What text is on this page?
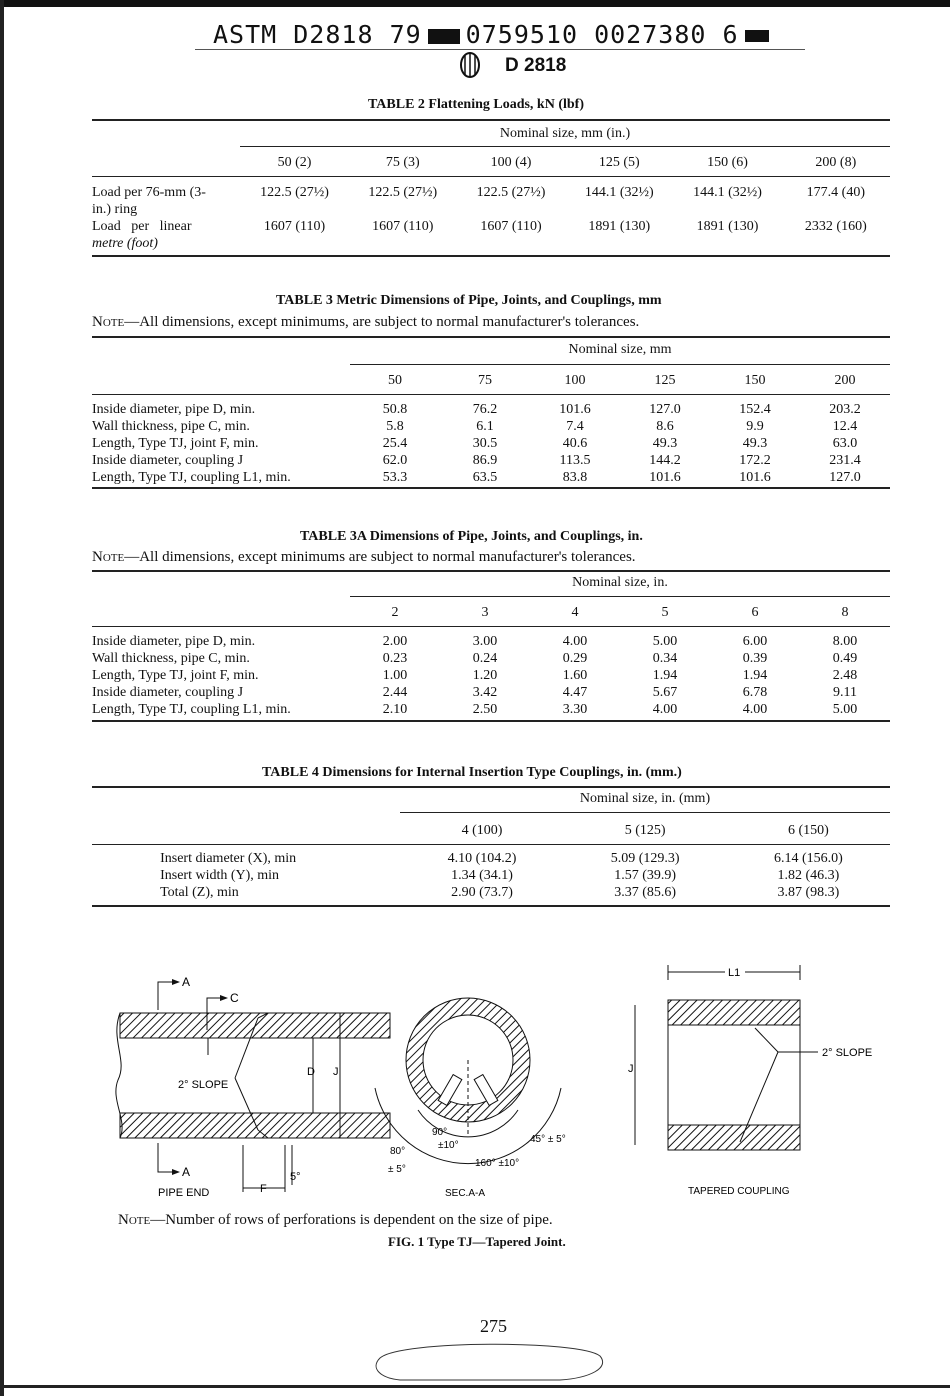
ASTM D2818 79 0759510 0027380 6
D 2818
TABLE 2 Flattening Loads, kN (lbf)
Nominal size, mm (in.)
	50 (2)	75 (3)	100 (4)	125 (5)	150 (6)	200 (8)

Load per 76-mm (3-
in.) ring	122.5 (27½)	122.5 (27½)	122.5 (27½)	144.1 (32½)	144.1 (32½)	177.4 (40)

Load   per   linear
metre (foot)	1607 (110)	1607 (110)	1607 (110)	1891 (130)	1891 (130)	2332 (160)
TABLE 3 Metric Dimensions of Pipe, Joints, and Couplings, mm
Note—All dimensions, except minimums, are subject to normal manufacturer's tolerances.
Nominal size, mm
	50	75	100	125	150	200

Inside diameter, pipe D, min.	50.8	76.2	101.6	127.0	152.4	203.2
Wall thickness, pipe C, min.	5.8	6.1	7.4	8.6	9.9	12.4
Length, Type TJ, joint F, min.	25.4	30.5	40.6	49.3	49.3	63.0
Inside diameter, coupling J	62.0	86.9	113.5	144.2	172.2	231.4
Length, Type TJ, coupling L1, min.	53.3	63.5	83.8	101.6	101.6	127.0
TABLE 3A Dimensions of Pipe, Joints, and Couplings, in.
Note—All dimensions, except minimums are subject to normal manufacturer's tolerances.
Nominal size, in.
	2	3	4	5	6	8

Inside diameter, pipe D, min.	2.00	3.00	4.00	5.00	6.00	8.00
Wall thickness, pipe C, min.	0.23	0.24	0.29	0.34	0.39	0.49
Length, Type TJ, joint F, min.	1.00	1.20	1.60	1.94	1.94	2.48
Inside diameter, coupling J	2.44	3.42	4.47	5.67	6.78	9.11
Length, Type TJ, coupling L1, min.	2.10	2.50	3.30	4.00	4.00	5.00
TABLE 4 Dimensions for Internal Insertion Type Couplings, in. (mm.)
Nominal size, in. (mm)
		4 (100)	5 (125)	6 (150)

	Insert diameter (X), min	4.10 (104.2)	5.09 (129.3)	6.14 (156.0)
	Insert width (Y), min	1.34 (34.1)	1.57 (39.9)	1.82 (46.3)
	Total (Z), min	2.90 (73.7)	3.37 (85.6)	3.87 (98.3)
A
C
2° SLOPE
D J
A
F
5°
PIPE END
90°
±10°
80°
± 5°
45° ± 5°
160° ±10°
SEC.A-A
L1
J
2° SLOPE
TAPERED COUPLING
Note—Number of rows of perforations is dependent on the size of pipe.
FIG. 1 Type TJ—Tapered Joint.
275
